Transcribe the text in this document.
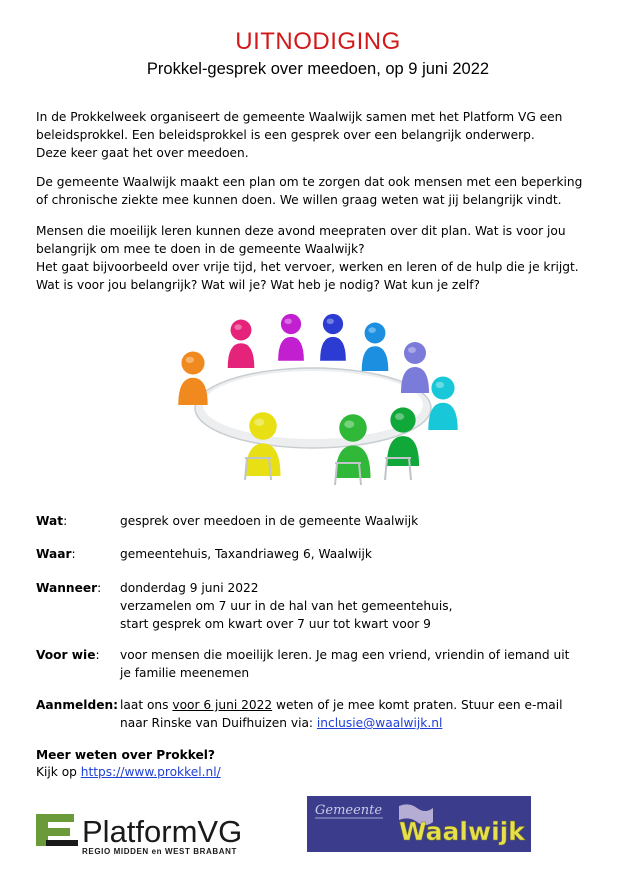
UITNODIGING
Prokkel-gesprek over meedoen, op 9 juni 2022
In de Prokkelweek organiseert de gemeente Waalwijk samen met het Platform VG een
beleidsprokkel. Een beleidsprokkel is een gesprek over een belangrijk onderwerp.
Deze keer gaat het over meedoen.
De gemeente Waalwijk maakt een plan om te zorgen dat ook mensen met een beperking
of chronische ziekte mee kunnen doen. We willen graag weten wat jij belangrijk vindt.
Mensen die moeilijk leren kunnen deze avond meepraten over dit plan. Wat is voor jou
belangrijk om mee te doen in de gemeente Waalwijk?
Het gaat bijvoorbeeld over vrije tijd, het vervoer, werken en leren of de hulp die je krijgt.
Wat is voor jou belangrijk? Wat wil je? Wat heb je nodig? Wat kun je zelf?
Wat:	gesprek over meedoen in de gemeente Waalwijk
Waar:	gemeentehuis, Taxandriaweg 6, Waalwijk
Wanneer: donderdag 9 juni 2022
verzamelen om 7 uur in de hal van het gemeentehuis,
start gesprek om kwart over 7 uur tot kwart voor 9
Voor wie: voor mensen die moeilijk leren. Je mag een vriend, vriendin of iemand uit
je familie meenemen
Aanmelden: laat ons voor 6 juni 2022 weten of je mee komt praten. Stuur een e-mail
naar Rinske van Duifhuizen via: inclusie@waalwijk.nl
Meer weten over Prokkel?
Kijk op https://www.prokkel.nl/
PlatformVG
REGIO MIDDEN en WEST BRABANT
Gemeente
Waalwijk
